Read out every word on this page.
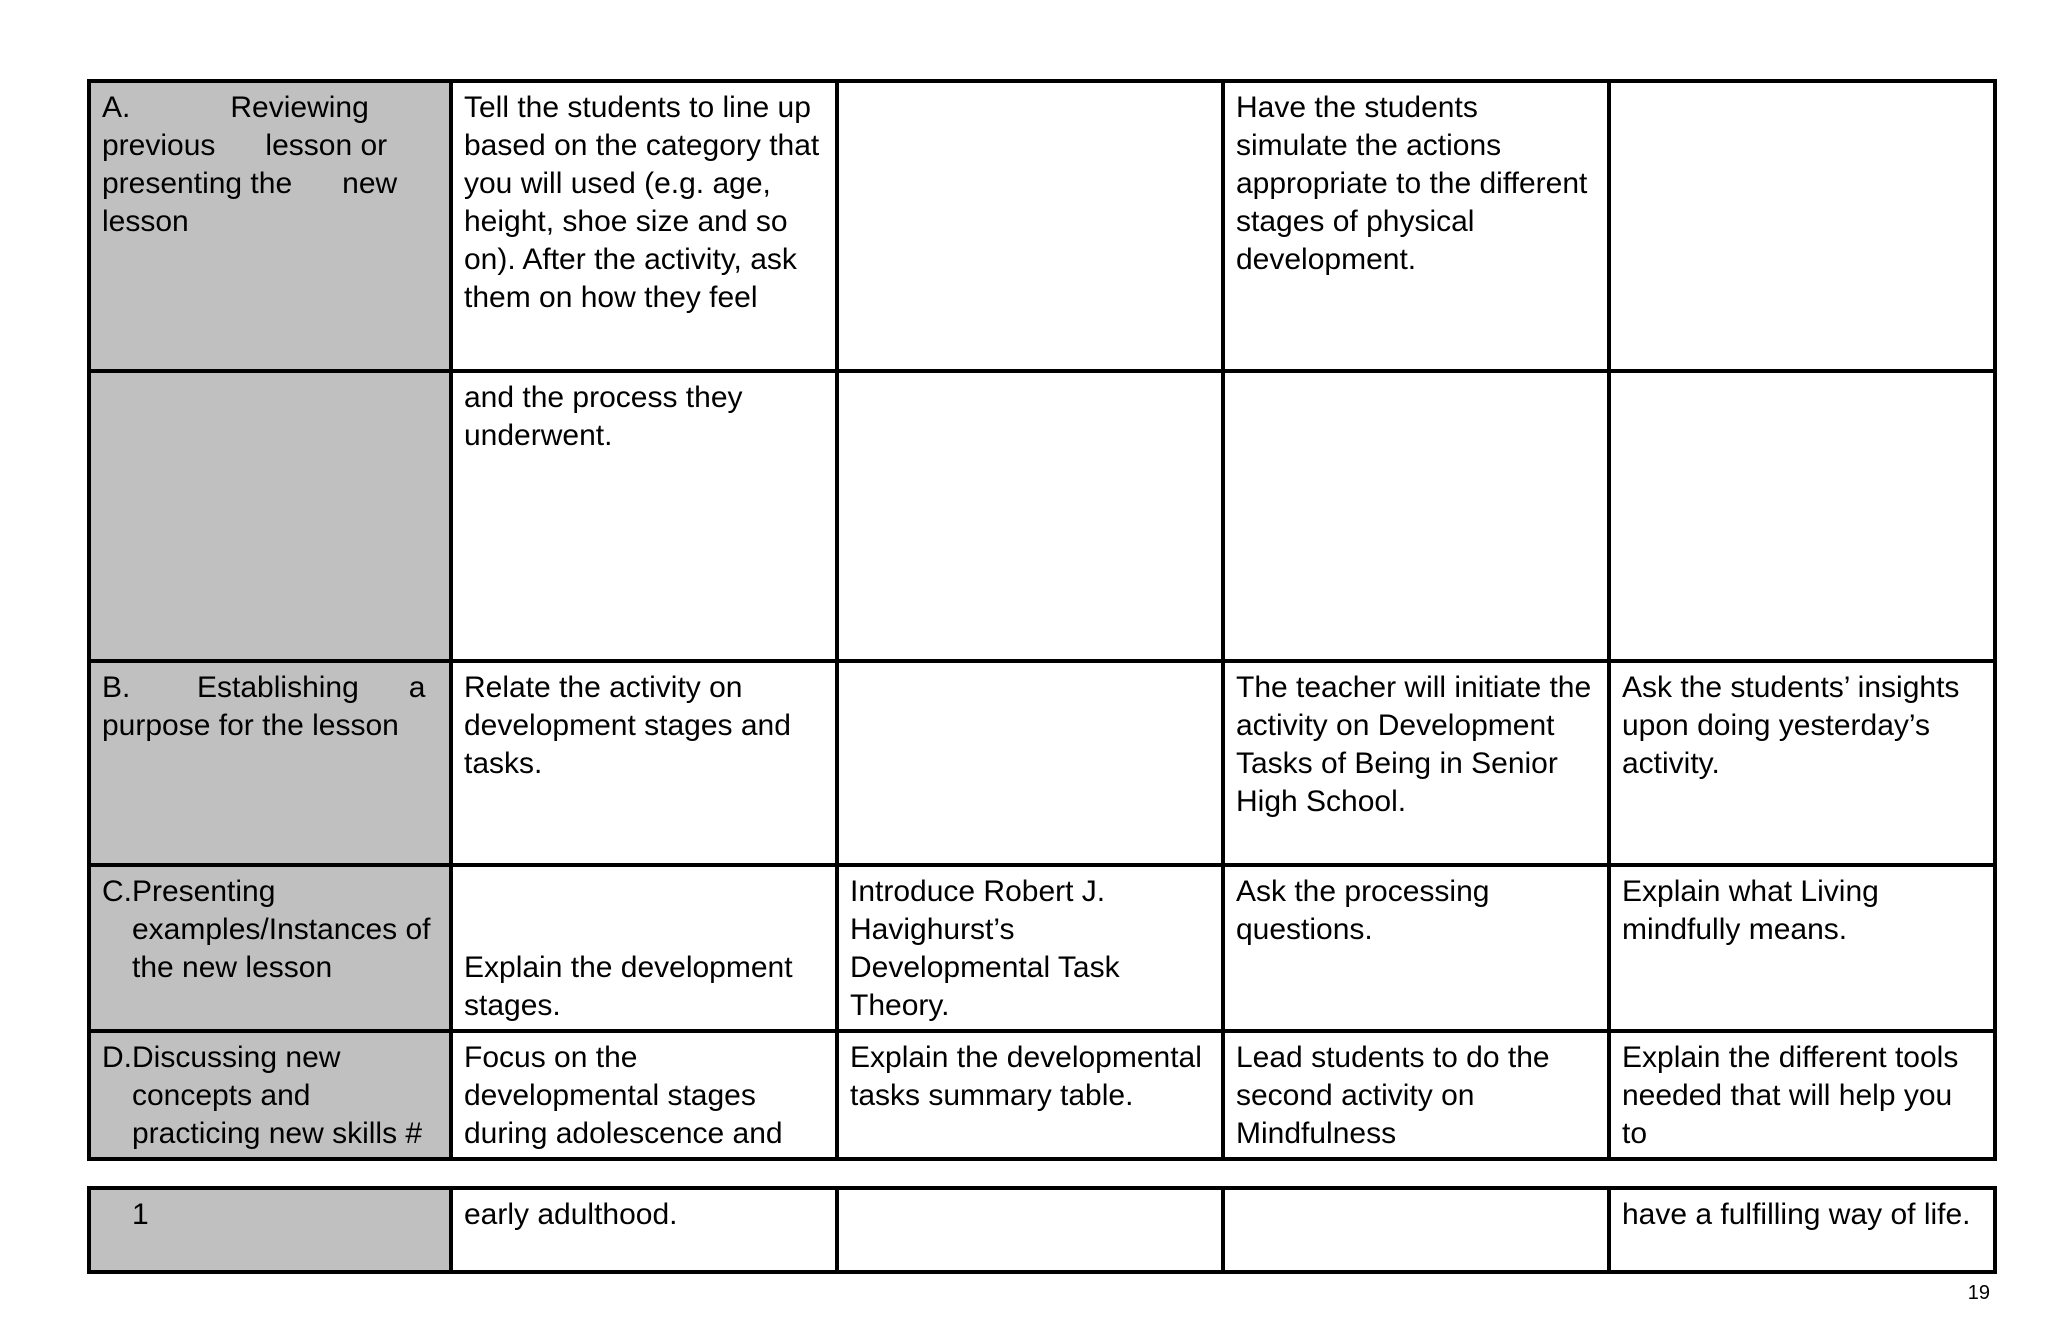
A.            Reviewing previous      lesson or presenting the      new lesson	Tell the students to line up based on the category that you will used (e.g. age, height, shoe size and so on). After the activity, ask them on how they feel		Have the students simulate the actions appropriate to the different stages of physical development.	
	and the process they underwent.			
B.        Establishing      a purpose for the lesson	Relate the activity on development stages and tasks.		The teacher will initiate the activity on Development Tasks of Being in Senior High School.	Ask the students’ insights upon doing yesterday’s activity.

C.Presenting examples/Instances of the new lesson	Explain the development stages.	Introduce Robert J. Havighurst’s Developmental Task Theory.	Ask the processing questions.	Explain what Living mindfully means.

D.Discussing new concepts and practicing new skills #	Focus on the developmental stages during adolescence and	Explain the developmental tasks summary table.	Lead students to do the second activity on Mindfulness	Explain the different tools needed that will help you to
1	early adulthood.			have a fulfilling way of life.
19
